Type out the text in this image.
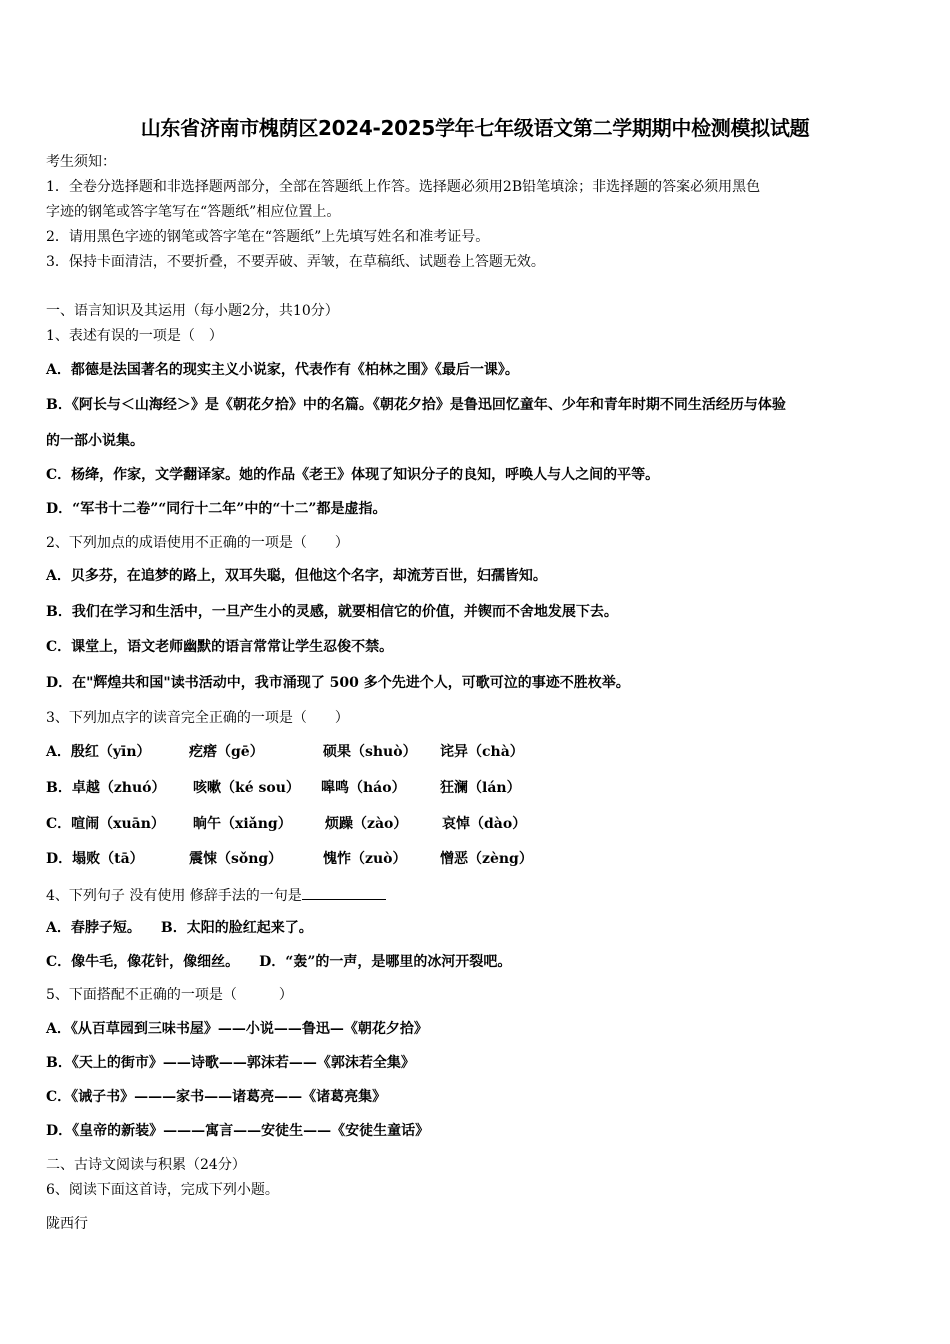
山东省济南市槐荫区2024-2025学年七年级语文第二学期期中检测模拟试题
考生须知：
1．全卷分选择题和非选择题两部分，全部在答题纸上作答。选择题必须用2B铅笔填涂；非选择题的答案必须用黑色
字迹的钢笔或答字笔写在“答题纸”相应位置上。
2．请用黑色字迹的钢笔或答字笔在“答题纸”上先填写姓名和准考证号。
3．保持卡面清洁，不要折叠，不要弄破、弄皱，在草稿纸、试题卷上答题无效。
一、语言知识及其运用（每小题2分，共10分）
1、表述有误的一项是（　）
A．都德是法国著名的现实主义小说家，代表作有《柏林之围》《最后一课》。
B．《阿长与＜山海经＞》是《朝花夕拾》中的名篇。《朝花夕拾》是鲁迅回忆童年、少年和青年时期不同生活经历与体验
的一部小说集。
C．杨绛，作家，文学翻译家。她的作品《老王》体现了知识分子的良知，呼唤人与人之间的平等。
D．“军书十二卷”“同行十二年”中的“十二”都是虚指。
2、下列加点的成语使用不正确的一项是（　　）
A．贝多芬，在追梦的路上，双耳失聪，但他这个名字，却流芳百世，妇孺皆知。
B．我们在学习和生活中，一旦产生小的灵感，就要相信它的价值，并锲而不舍地发展下去。
C．课堂上，语文老师幽默的语言常常让学生忍俊不禁。
D．在"辉煌共和国"读书活动中，我市涌现了 500 多个先进个人，可歌可泣的事迹不胜枚举。
3、下列加点字的读音完全正确的一项是（　　）
A．殷红（yīn）	疙瘩（gē）	硕果（shuò） 诧异（chà）
B．卓越（zhuó） 咳嗽（ké sou） 嗥鸣（háo） 狂澜（lán）
C．喧闹（xuān） 晌午（xiǎng） 烦躁（zào） 哀悼（dào）
D．塌败（tā）	震悚（sǒng）	愧怍（zuò） 憎恶（zèng）
4、下列句子 没有使用 修辞手法的一句是
A．春脖子短。 B．太阳的脸红起来了。
C．像牛毛，像花针，像细丝。 D．“轰”的一声，是哪里的冰河开裂吧。
5、下面搭配不正确的一项是（　　　）
A．《从百草园到三味书屋》——小说——鲁迅—《朝花夕拾》
B．《天上的街市》——诗歌——郭沫若——《郭沫若全集》
C．《诫子书》———家书——诸葛亮——《诸葛亮集》
D．《皇帝的新装》———寓言——安徒生——《安徒生童话》
二、古诗文阅读与积累（24分）
6、阅读下面这首诗，完成下列小题。
陇西行
